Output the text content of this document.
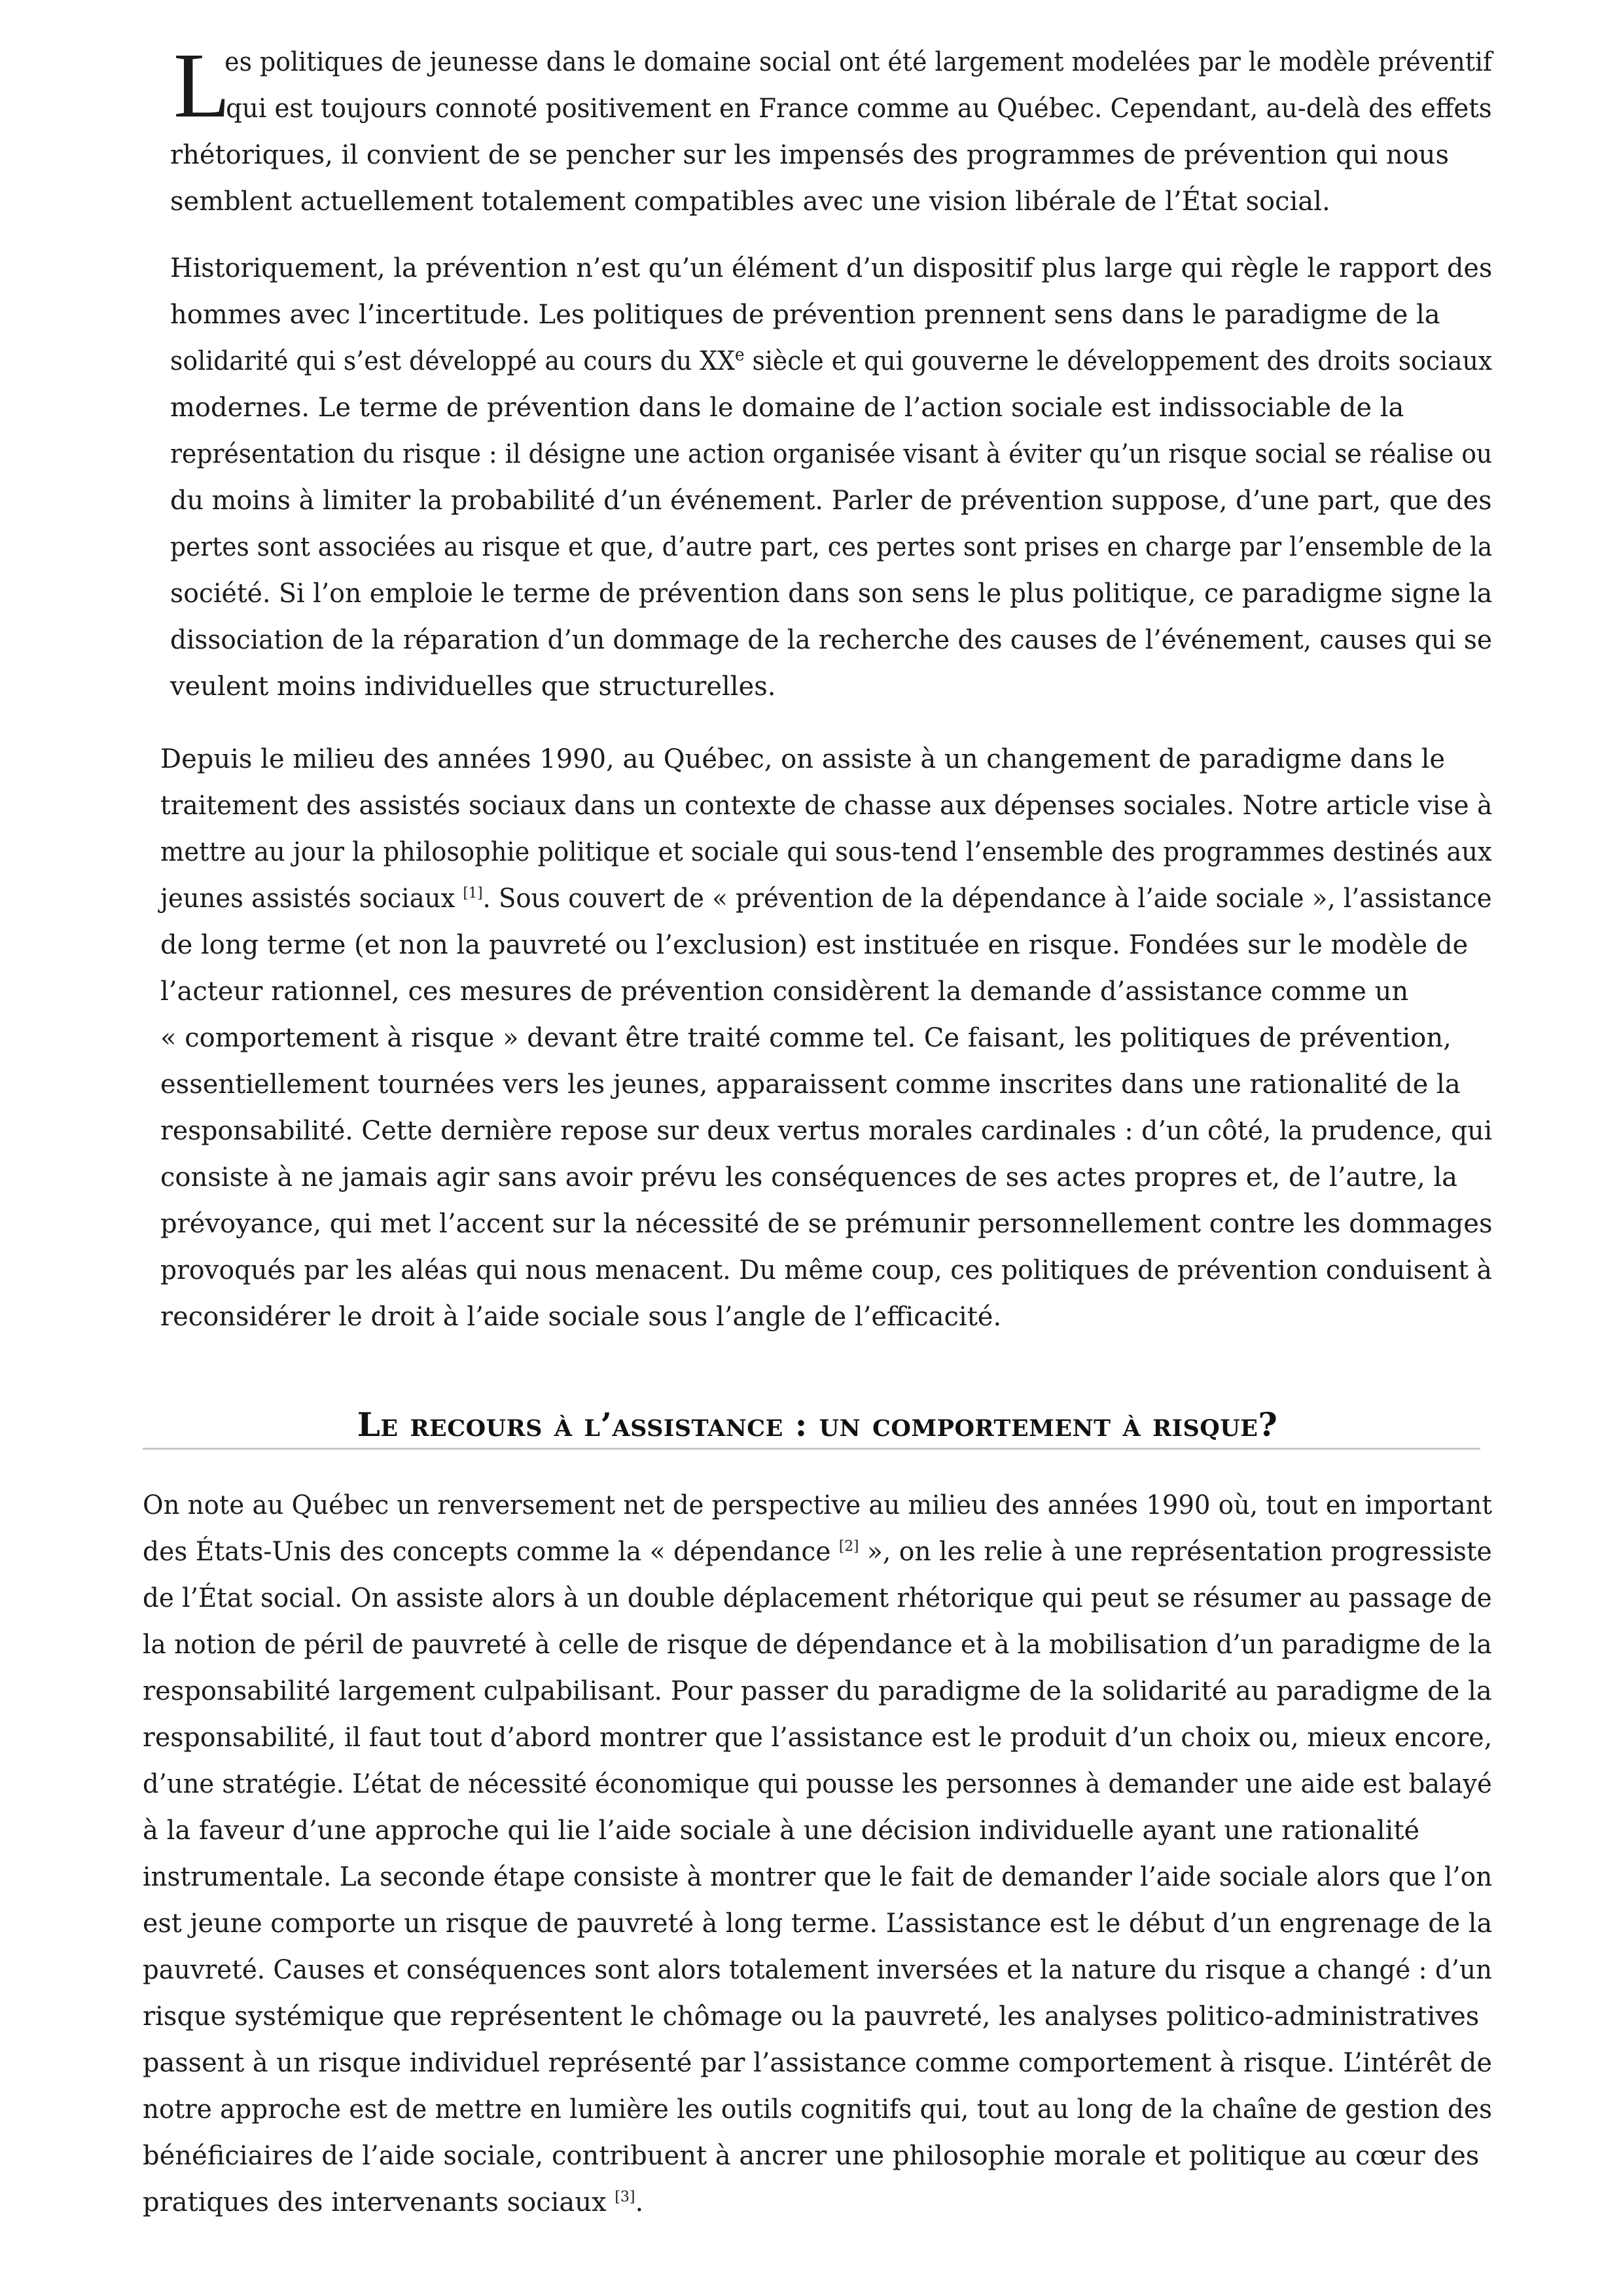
L
es politiques de jeunesse dans le domaine social ont été largement modelées par le modèle préventif
qui est toujours connoté positivement en France comme au Québec. Cependant, au-delà des effets
rhétoriques, il convient de se pencher sur les impensés des programmes de prévention qui nous
semblent actuellement totalement compatibles avec une vision libérale de l’État social.
Historiquement, la prévention n’est qu’un élément d’un dispositif plus large qui règle le rapport des
hommes avec l’incertitude. Les politiques de prévention prennent sens dans le paradigme de la
solidarité qui s’est développé au cours du XXe siècle et qui gouverne le développement des droits sociaux
modernes. Le terme de prévention dans le domaine de l’action sociale est indissociable de la
représentation du risque : il désigne une action organisée visant à éviter qu’un risque social se réalise ou
du moins à limiter la probabilité d’un événement. Parler de prévention suppose, d’une part, que des
pertes sont associées au risque et que, d’autre part, ces pertes sont prises en charge par l’ensemble de la
société. Si l’on emploie le terme de prévention dans son sens le plus politique, ce paradigme signe la
dissociation de la réparation d’un dommage de la recherche des causes de l’événement, causes qui se
veulent moins individuelles que structurelles.
Depuis le milieu des années 1990, au Québec, on assiste à un changement de paradigme dans le
traitement des assistés sociaux dans un contexte de chasse aux dépenses sociales. Notre article vise à
mettre au jour la philosophie politique et sociale qui sous-tend l’ensemble des programmes destinés aux
jeunes assistés sociaux [1]. Sous couvert de « prévention de la dépendance à l’aide sociale », l’assistance
de long terme (et non la pauvreté ou l’exclusion) est instituée en risque. Fondées sur le modèle de
l’acteur rationnel, ces mesures de prévention considèrent la demande d’assistance comme un
« comportement à risque » devant être traité comme tel. Ce faisant, les politiques de prévention,
essentiellement tournées vers les jeunes, apparaissent comme inscrites dans une rationalité de la
responsabilité. Cette dernière repose sur deux vertus morales cardinales : d’un côté, la prudence, qui
consiste à ne jamais agir sans avoir prévu les conséquences de ses actes propres et, de l’autre, la
prévoyance, qui met l’accent sur la nécessité de se prémunir personnellement contre les dommages
provoqués par les aléas qui nous menacent. Du même coup, ces politiques de prévention conduisent à
reconsidérer le droit à l’aide sociale sous l’angle de l’efficacité.
Le recours à l’assistance : un comportement à risque?
On note au Québec un renversement net de perspective au milieu des années 1990 où, tout en important
des États-Unis des concepts comme la « dépendance [2] », on les relie à une représentation progressiste
de l’État social. On assiste alors à un double déplacement rhétorique qui peut se résumer au passage de
la notion de péril de pauvreté à celle de risque de dépendance et à la mobilisation d’un paradigme de la
responsabilité largement culpabilisant. Pour passer du paradigme de la solidarité au paradigme de la
responsabilité, il faut tout d’abord montrer que l’assistance est le produit d’un choix ou, mieux encore,
d’une stratégie. L’état de nécessité économique qui pousse les personnes à demander une aide est balayé
à la faveur d’une approche qui lie l’aide sociale à une décision individuelle ayant une rationalité
instrumentale. La seconde étape consiste à montrer que le fait de demander l’aide sociale alors que l’on
est jeune comporte un risque de pauvreté à long terme. L’assistance est le début d’un engrenage de la
pauvreté. Causes et conséquences sont alors totalement inversées et la nature du risque a changé : d’un
risque systémique que représentent le chômage ou la pauvreté, les analyses politico-administratives
passent à un risque individuel représenté par l’assistance comme comportement à risque. L’intérêt de
notre approche est de mettre en lumière les outils cognitifs qui, tout au long de la chaîne de gestion des
bénéficiaires de l’aide sociale, contribuent à ancrer une philosophie morale et politique au cœur des
pratiques des intervenants sociaux [3].
